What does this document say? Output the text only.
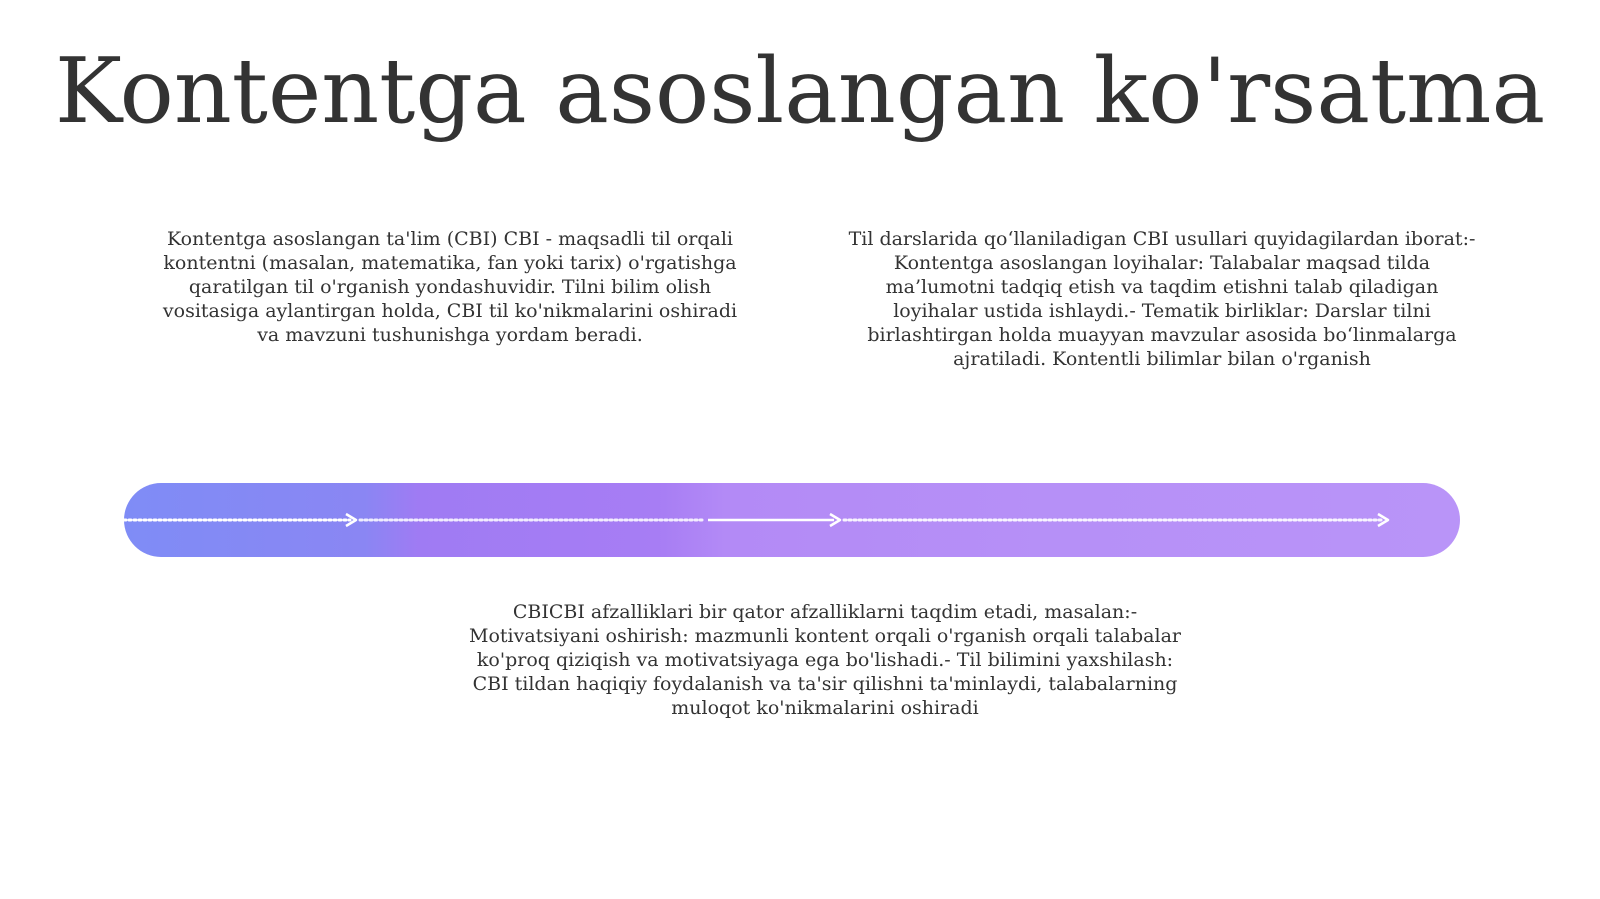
Kontentga asoslangan ko'rsatma

Kontentga asoslangan ta'lim (CBI) CBI - maqsadli til orqali kontentni (masalan, matematika, fan yoki tarix) o'rgatishga qaratilgan til o'rganish yondashuvidir. Tilni bilim olish vositasiga aylantirgan holda, CBI til ko'nikmalarini oshiradi va mavzuni tushunishga yordam beradi.

Til darslarida qo‘llaniladigan CBI usullari quyidagilardan iborat:- Kontentga asoslangan loyihalar: Talabalar maqsad tilda ma’lumotni tadqiq etish va taqdim etishni talab qiladigan loyihalar ustida ishlaydi.- Tematik birliklar: Darslar tilni birlashtirgan holda muayyan mavzular asosida bo‘linmalarga ajratiladi. Kontentli bilimlar bilan o'rganish

CBICBI afzalliklari bir qator afzalliklarni taqdim etadi, masalan:- Motivatsiyani oshirish: mazmunli kontent orqali o'rganish orqali talabalar ko'proq qiziqish va motivatsiyaga ega bo'lishadi.- Til bilimini yaxshilash: CBI tildan haqiqiy foydalanish va ta'sir qilishni ta'minlaydi, talabalarning muloqot ko'nikmalarini oshiradi
